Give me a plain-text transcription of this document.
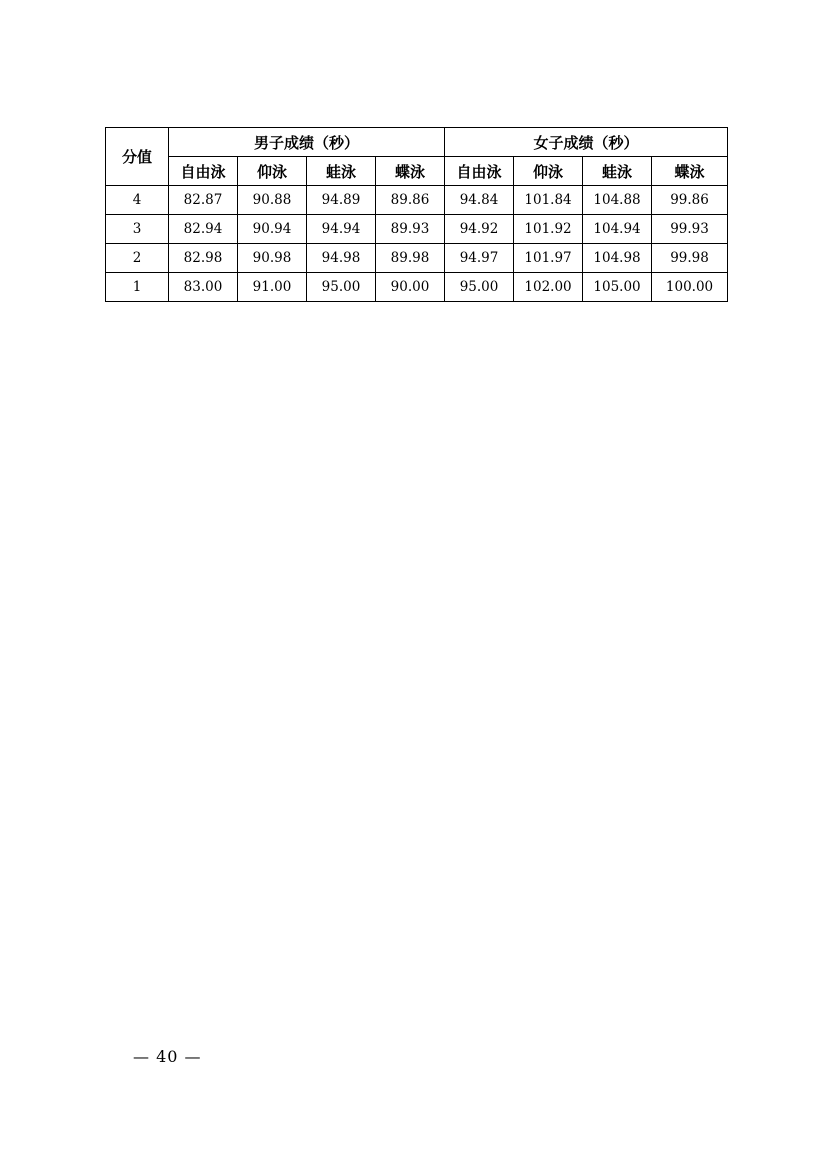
分值	男子成绩（秒）				女子成绩（秒）			
	自由泳	仰泳	蛙泳	蝶泳	自由泳	仰泳	蛙泳	蝶泳
4	82.87	90.88	94.89	89.86	94.84	101.84	104.88	99.86
3	82.94	90.94	94.94	89.93	94.92	101.92	104.94	99.93
2	82.98	90.98	94.98	89.98	94.97	101.97	104.98	99.98
1	83.00	91.00	95.00	90.00	95.00	102.00	105.00	100.00
— 40 —
